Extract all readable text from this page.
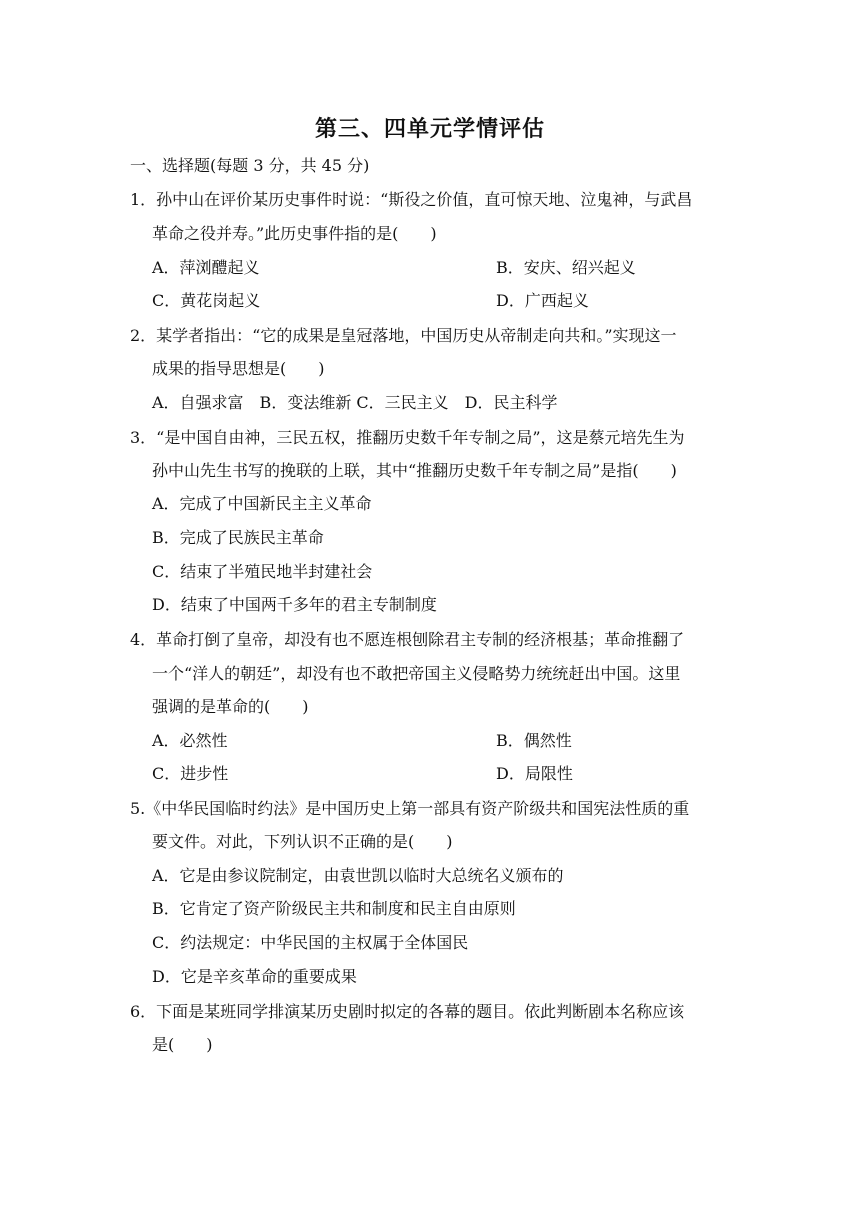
第三、四单元学情评估
一、选择题(每题 3 分，共 45 分)
1．孙中山在评价某历史事件时说：“斯役之价值，直可惊天地、泣鬼神，与武昌
革命之役并寿。”此历史事件指的是(　　)
A．萍浏醴起义	B．安庆、绍兴起义
C．黄花岗起义	D．广西起义
2．某学者指出：“它的成果是皇冠落地，中国历史从帝制走向共和。”实现这一
成果的指导思想是(　　)
A．自强求富　B．变法维新 C．三民主义　D．民主科学
3．“是中国自由神，三民五权，推翻历史数千年专制之局”，这是蔡元培先生为
孙中山先生书写的挽联的上联，其中“推翻历史数千年专制之局”是指(　　)
A．完成了中国新民主主义革命
B．完成了民族民主革命
C．结束了半殖民地半封建社会
D．结束了中国两千多年的君主专制制度
4．革命打倒了皇帝，却没有也不愿连根刨除君主专制的经济根基；革命推翻了
一个“洋人的朝廷”，却没有也不敢把帝国主义侵略势力统统赶出中国。这里
强调的是革命的(　　)
A．必然性	B．偶然性
C．进步性	D．局限性
5.《中华民国临时约法》是中国历史上第一部具有资产阶级共和国宪法性质的重
要文件。对此，下列认识不正确的是(　　)
A．它是由参议院制定，由袁世凯以临时大总统名义颁布的
B．它肯定了资产阶级民主共和制度和民主自由原则
C．约法规定：中华民国的主权属于全体国民
D．它是辛亥革命的重要成果
6．下面是某班同学排演某历史剧时拟定的各幕的题目。依此判断剧本名称应该
是(　　)
